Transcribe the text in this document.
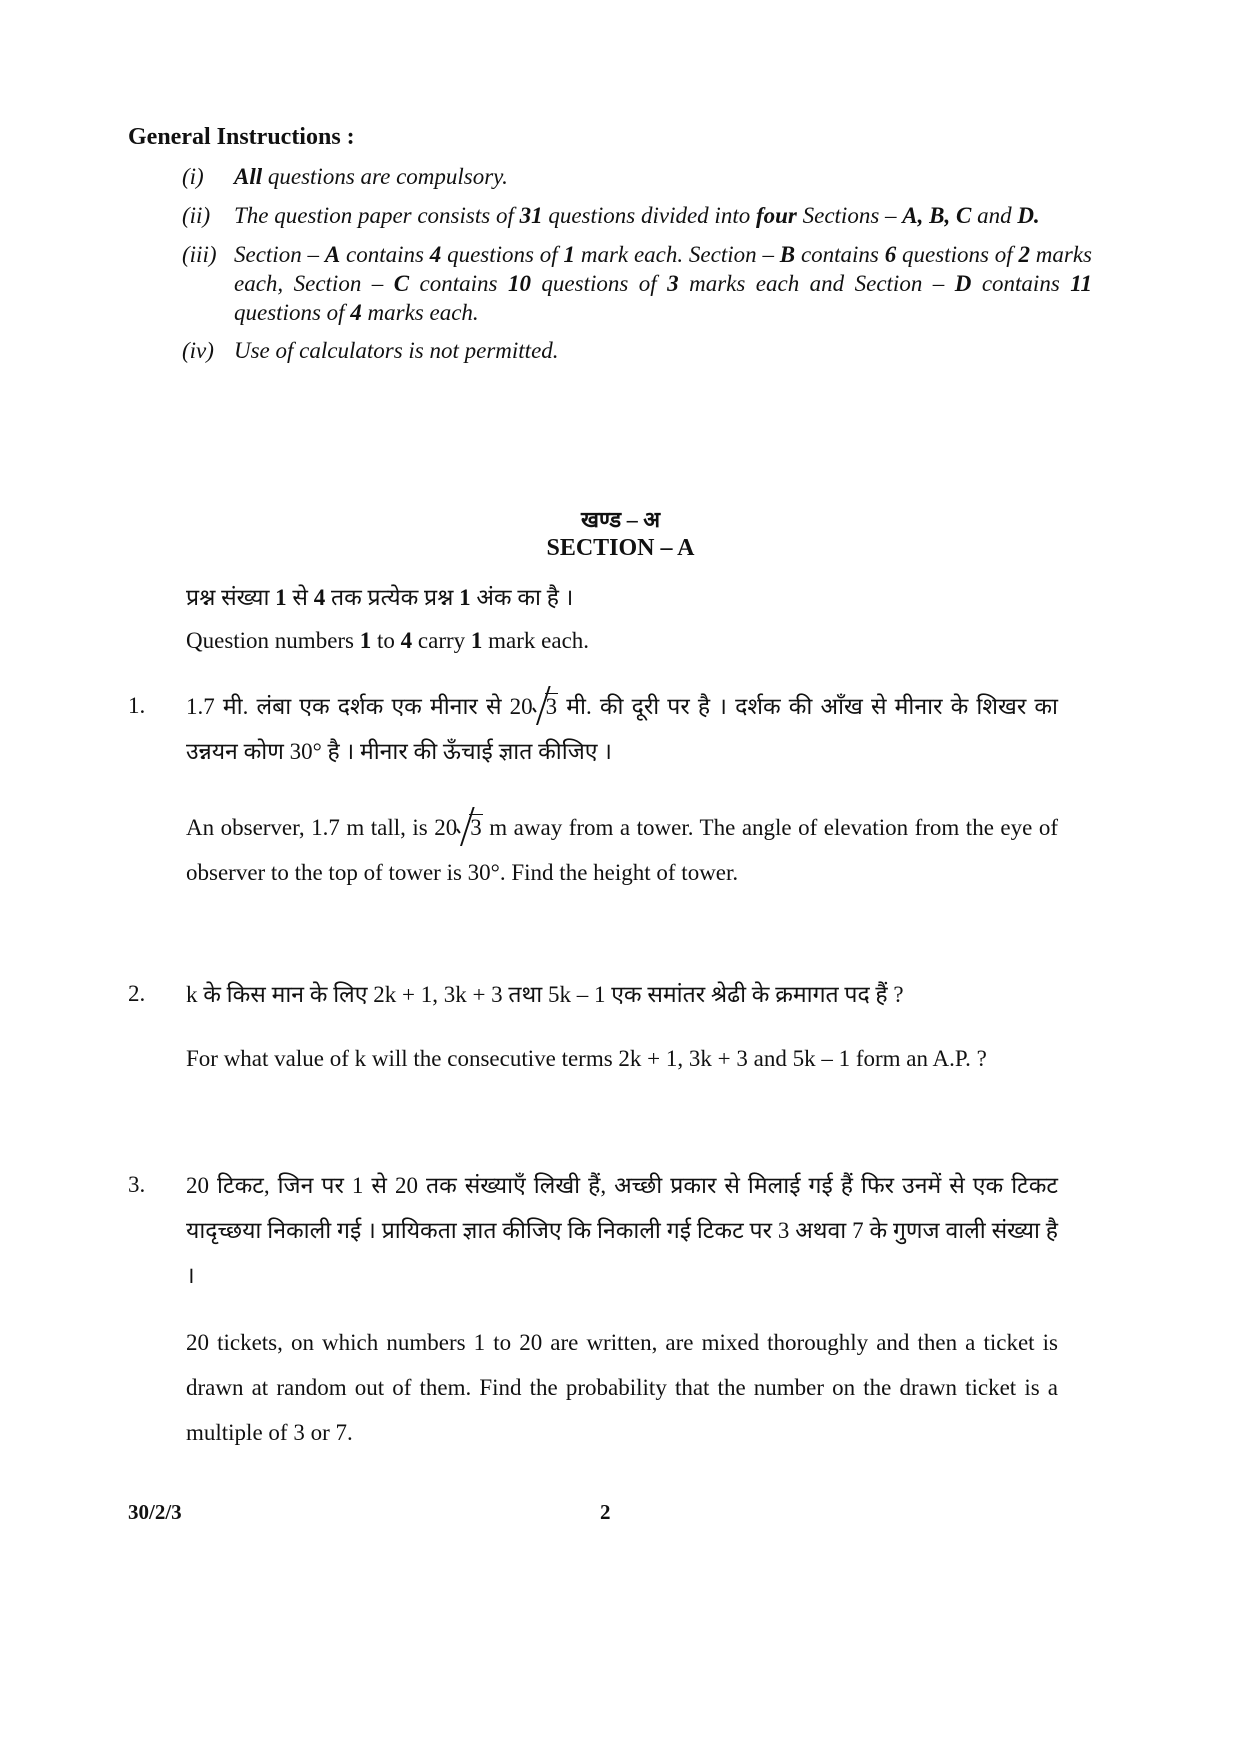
General Instructions :
(i) All questions are compulsory.
(ii) The question paper consists of 31 questions divided into four Sections – A, B, C and D.
(iii) Section – A contains 4 questions of 1 mark each. Section – B contains 6 questions of 2 marks each, Section – C contains 10 questions of 3 marks each and Section – D contains 11 questions of 4 marks each.
(iv) Use of calculators is not permitted.
खण्ड – अ
SECTION – A
प्रश्न संख्या 1 से 4 तक प्रत्येक प्रश्न 1 अंक का है ।
Question numbers 1 to 4 carry 1 mark each.
1. 1.7 मी. लंबा एक दर्शक एक मीनार से 20 3 मी. की दूरी पर है । दर्शक की आँख से मीनार के शिखर का उन्नयन कोण 30° है । मीनार की ऊँचाई ज्ञात कीजिए ।
An observer, 1.7 m tall, is 20 3 m away from a tower. The angle of elevation from the eye of observer to the top of tower is 30°. Find the height of tower.
2. k के किस मान के लिए 2k + 1, 3k + 3 तथा 5k – 1 एक समांतर श्रेढी के क्रमागत पद हैं ?
For what value of k will the consecutive terms 2k + 1, 3k + 3 and 5k – 1 form an A.P. ?
3. 20 टिकट, जिन पर 1 से 20 तक संख्याएँ लिखी हैं, अच्छी प्रकार से मिलाई गई हैं फिर उनमें से एक टिकट यादृच्छया निकाली गई । प्रायिकता ज्ञात कीजिए कि निकाली गई टिकट पर 3 अथवा 7 के गुणज वाली संख्या है ।
20 tickets, on which numbers 1 to 20 are written, are mixed thoroughly and then a ticket is drawn at random out of them. Find the probability that the number on the drawn ticket is a multiple of 3 or 7.
30/2/3	2
